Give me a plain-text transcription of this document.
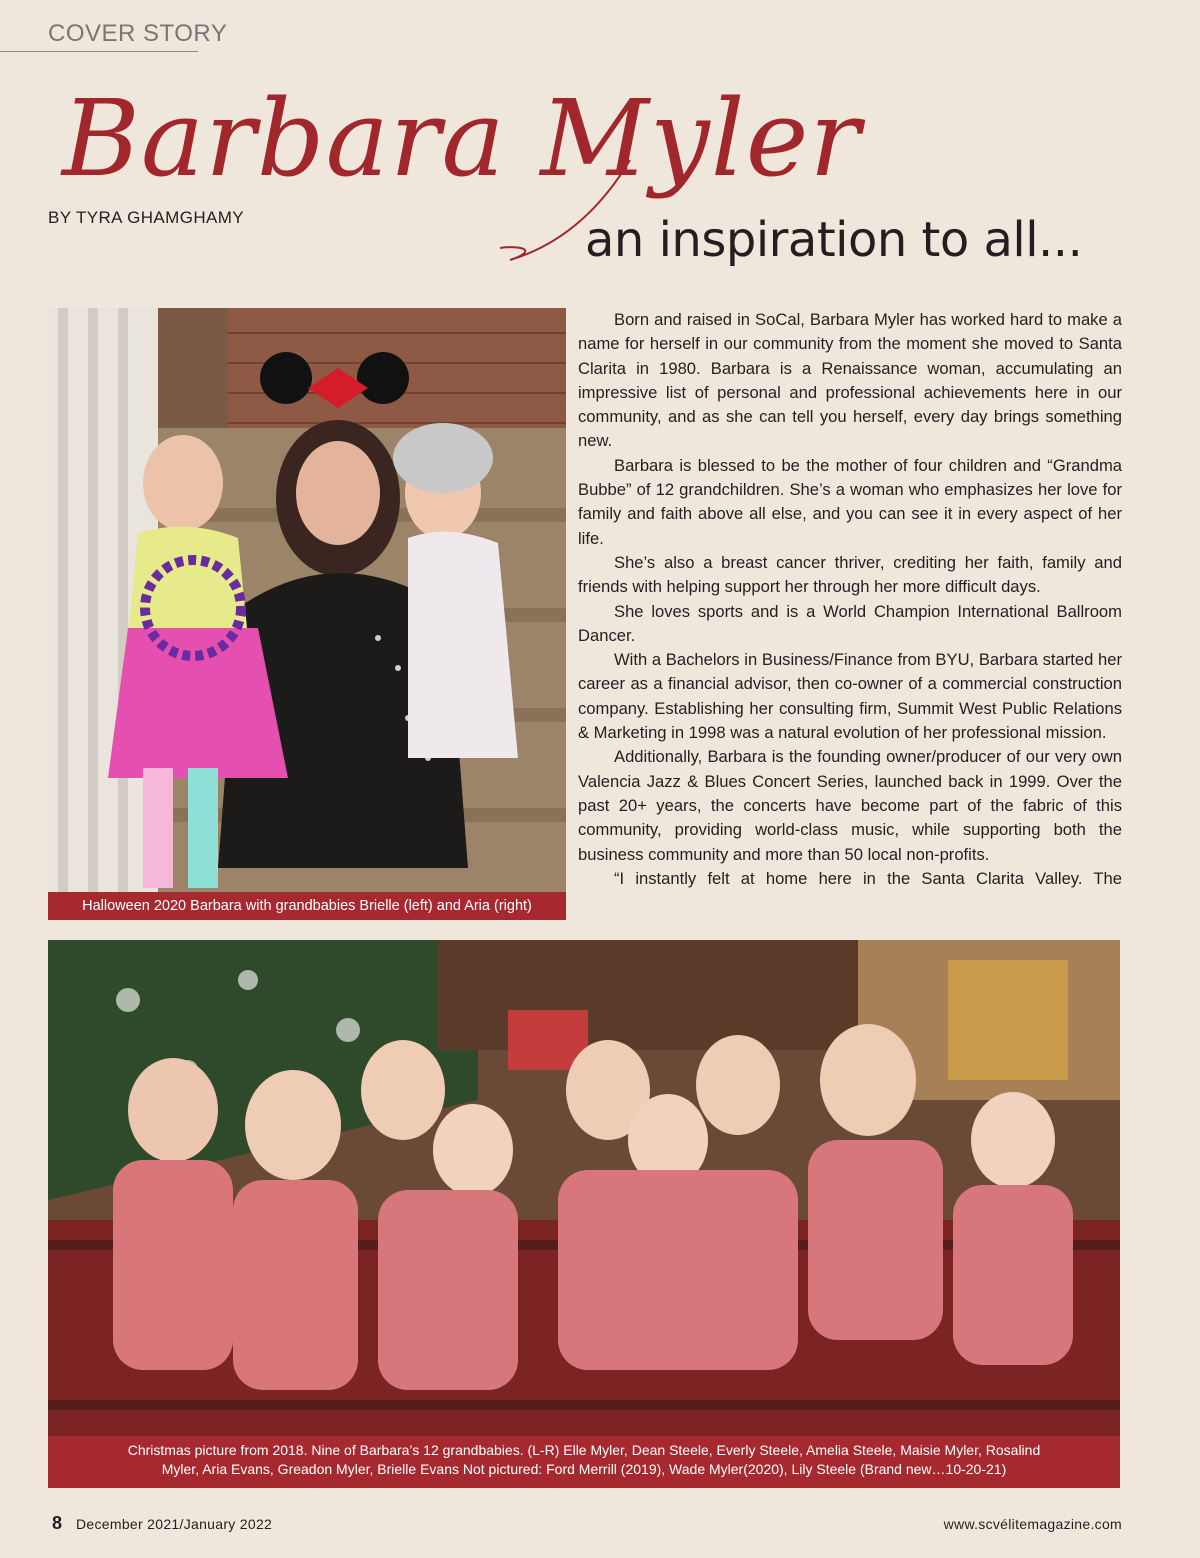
COVER STORY
Barbara Myler
BY TYRA GHAMGHAMY	an inspiration to all...
Halloween 2020 Barbara with grandbabies Brielle (left) and Aria (right)

Born and raised in SoCal, Barbara Myler has worked hard to make a name for herself in our community from the moment she moved to Santa Clarita in 1980. Barbara is a Renaissance woman, accumulating an impressive list of personal and professional achievements here in our community, and as she can tell you herself, every day brings something new.

Barbara is blessed to be the mother of four children and “Grandma Bubbe” of 12 grandchildren. She’s a woman who emphasizes her love for family and faith above all else, and you can see it in every aspect of her life.

She’s also a breast cancer thriver, crediting her faith, family and friends with helping support her through her more difficult days.

She loves sports and is a World Champion International Ballroom Dancer.

With a Bachelors in Business/Finance from BYU, Barbara started her career as a financial advisor, then co-owner of a commercial construction company. Establishing her consulting firm, Summit West Public Relations & Marketing in 1998 was a natural evolution of her professional mission.

Additionally, Barbara is the founding owner/producer of our very own Valencia Jazz & Blues Concert Series, launched back in 1999. Over the past 20+ years, the concerts have become part of the fabric of this community, providing world-class music, while supporting both the business community and more than 50 local non-profits.

“I instantly felt at home here in the Santa Clarita Valley. The

Christmas picture from 2018. Nine of Barbara’s 12 grandbabies. (L-R) Elle Myler, Dean Steele, Everly Steele, Amelia Steele, Maisie Myler, Rosalind
Myler, Aria Evans, Greadon Myler, Brielle Evans Not pictured: Ford Merrill (2019), Wade Myler(2020), Lily Steele (Brand new…10-20-21)
8 December 2021/January 2022	www.scvélitemagazine.com
